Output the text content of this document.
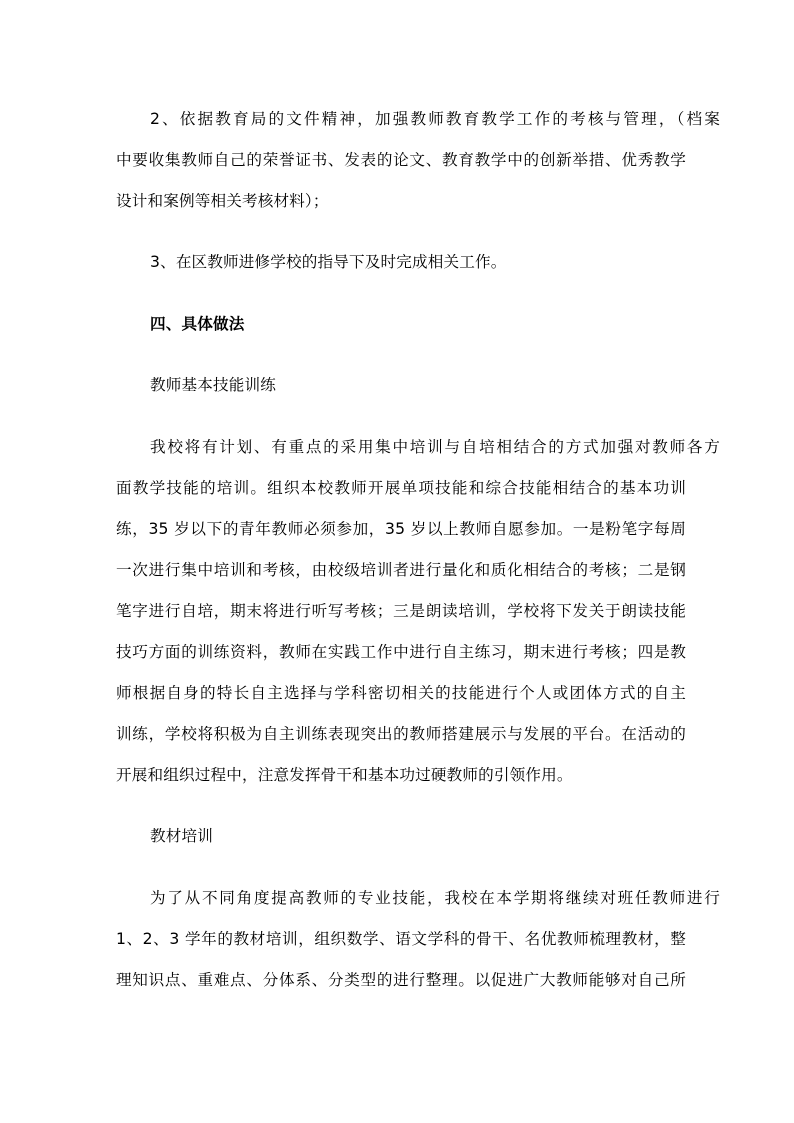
2、依据教育局的文件精神，加强教师教育教学工作的考核与管理，（档案
中要收集教师自己的荣誉证书、发表的论文、教育教学中的创新举措、优秀教学
设计和案例等相关考核材料）；
3、在区教师进修学校的指导下及时完成相关工作。
四、具体做法
教师基本技能训练
我校将有计划、有重点的采用集中培训与自培相结合的方式加强对教师各方
面教学技能的培训。组织本校教师开展单项技能和综合技能相结合的基本功训
练，35 岁以下的青年教师必须参加，35 岁以上教师自愿参加。一是粉笔字每周
一次进行集中培训和考核，由校级培训者进行量化和质化相结合的考核；二是钢
笔字进行自培，期末将进行听写考核；三是朗读培训，学校将下发关于朗读技能
技巧方面的训练资料，教师在实践工作中进行自主练习，期末进行考核；四是教
师根据自身的特长自主选择与学科密切相关的技能进行个人或团体方式的自主
训练，学校将积极为自主训练表现突出的教师搭建展示与发展的平台。在活动的
开展和组织过程中，注意发挥骨干和基本功过硬教师的引领作用。
教材培训
为了从不同角度提高教师的专业技能，我校在本学期将继续对班任教师进行
1、2、3 学年的教材培训，组织数学、语文学科的骨干、名优教师梳理教材，整
理知识点、重难点、分体系、分类型的进行整理。以促进广大教师能够对自己所
